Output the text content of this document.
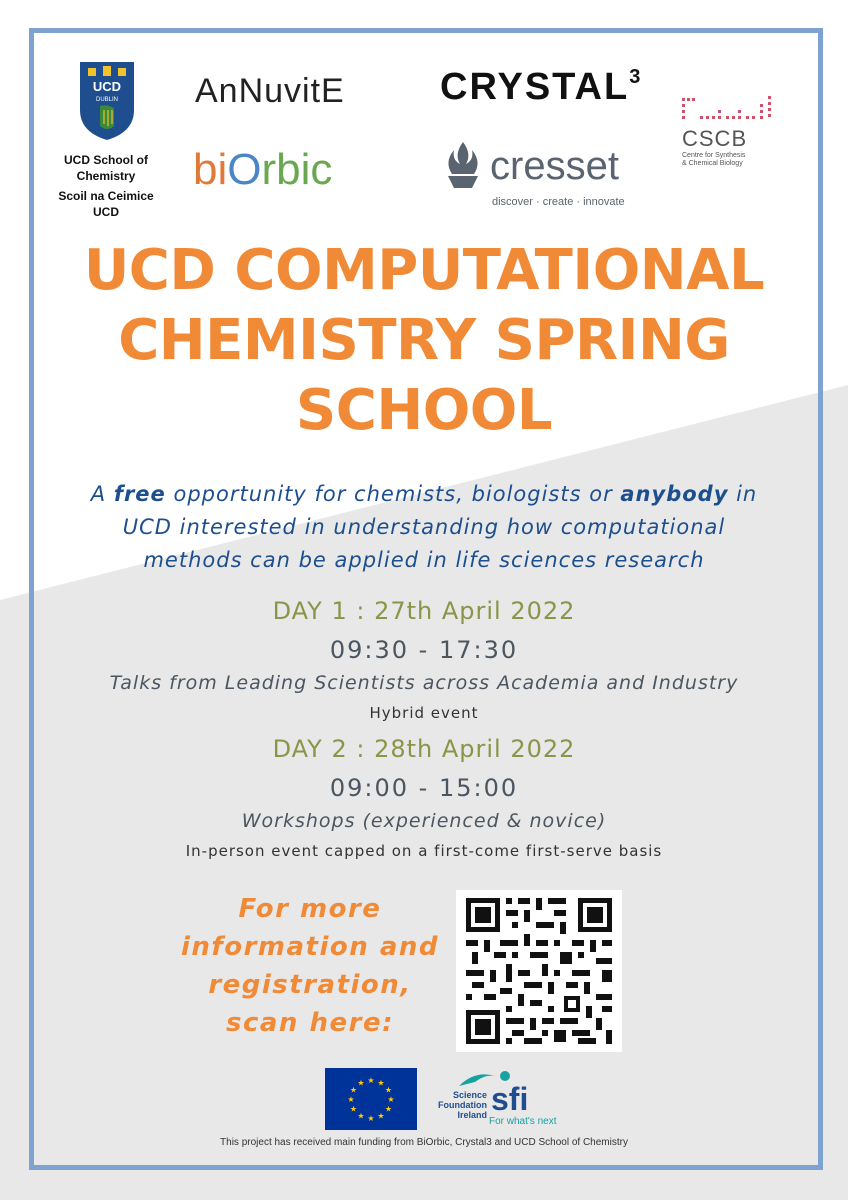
UCD
DUBLIN
UCD School of
Chemistry
Scoil na Ceimice
UCD
AnNuvitE	CRYSTAL$^3$
biOrbic	cresset
discover · create · innovate
CSCB
Centre for Synthesis
& Chemical Biology
UCD COMPUTATIONAL
CHEMISTRY SPRING
SCHOOL
A free opportunity for chemists, biologists or anybody in
UCD interested in understanding how computational
methods can be applied in life sciences research
DAY 1 : 27th April 2022
09:30 - 17:30
Talks from Leading Scientists across Academia and Industry
Hybrid event
DAY 2 : 28th April 2022
09:00 - 15:00
Workshops (experienced & novice)
In-person event capped on a first-come first-serve basis
For more
information and
registration,
scan here:
★ ★
★
★
★
★
★
★
★
★
★
★
Science
Foundation
Ireland sfi
For what's next
This project has received main funding from BiOrbic, Crystal3 and UCD School of Chemistry
